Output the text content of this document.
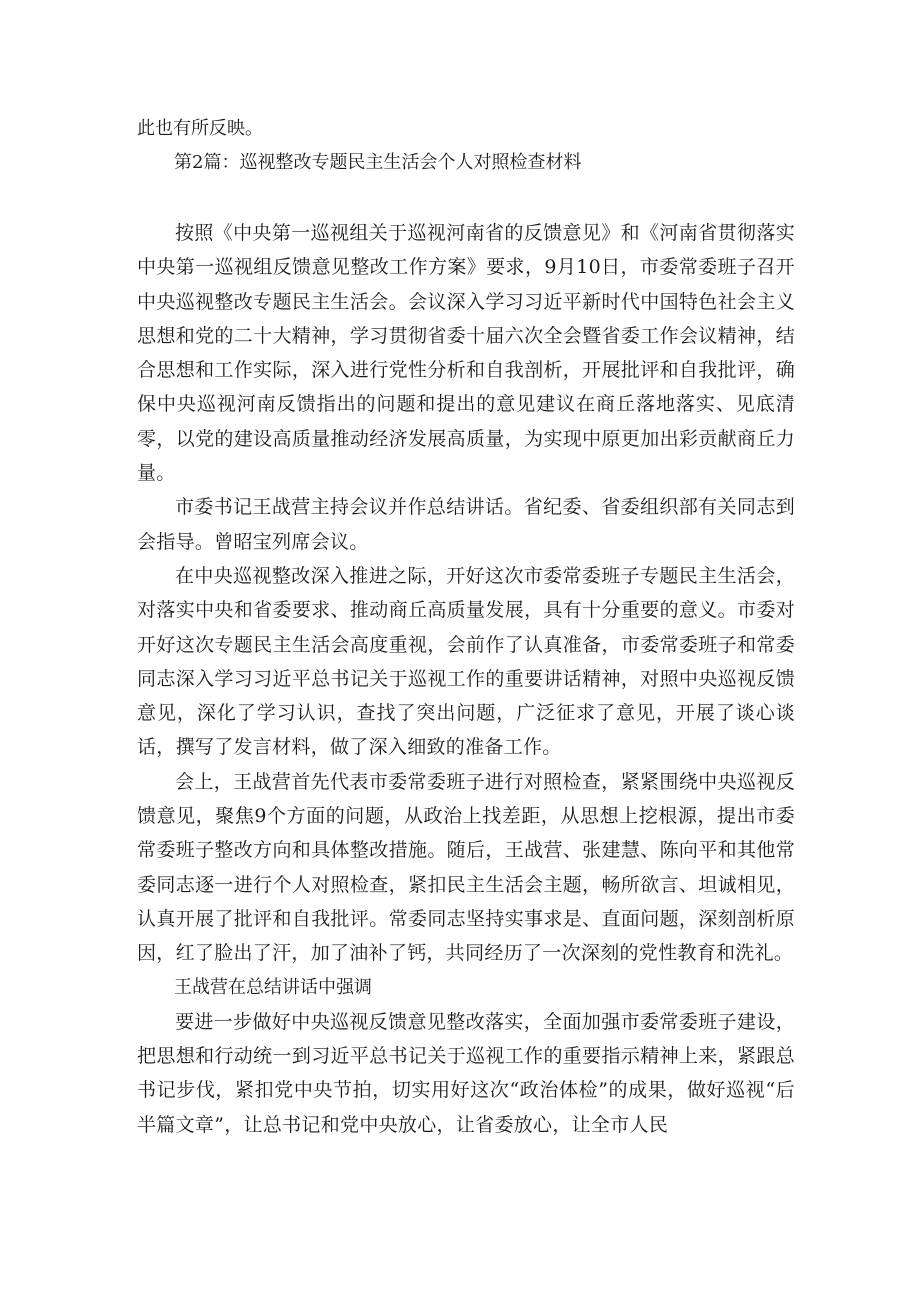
此也有所反映。

第2篇：巡视整改专题民主生活会个人对照检查材料

按照《中央第一巡视组关于巡视河南省的反馈意见》和《河南省贯彻落实中央第一巡视组反馈意见整改工作方案》要求，9月10日，市委常委班子召开中央巡视整改专题民主生活会。会议深入学习习近平新时代中国特色社会主义思想和党的二十大精神，学习贯彻省委十届六次全会暨省委工作会议精神，结合思想和工作实际，深入进行党性分析和自我剖析，开展批评和自我批评，确保中央巡视河南反馈指出的问题和提出的意见建议在商丘落地落实、见底清零，以党的建设高质量推动经济发展高质量，为实现中原更加出彩贡献商丘力量。

市委书记王战营主持会议并作总结讲话。省纪委、省委组织部有关同志到会指导。曾昭宝列席会议。

在中央巡视整改深入推进之际，开好这次市委常委班子专题民主生活会，对落实中央和省委要求、推动商丘高质量发展，具有十分重要的意义。市委对开好这次专题民主生活会高度重视，会前作了认真准备，市委常委班子和常委同志深入学习习近平总书记关于巡视工作的重要讲话精神，对照中央巡视反馈意见，深化了学习认识，查找了突出问题，广泛征求了意见，开展了谈心谈话，撰写了发言材料，做了深入细致的准备工作。

会上，王战营首先代表市委常委班子进行对照检查，紧紧围绕中央巡视反馈意见，聚焦9个方面的问题，从政治上找差距，从思想上挖根源，提出市委常委班子整改方向和具体整改措施。随后，王战营、张建慧、陈向平和其他常委同志逐一进行个人对照检查，紧扣民主生活会主题，畅所欲言、坦诚相见，认真开展了批评和自我批评。常委同志坚持实事求是、直面问题，深刻剖析原因，红了脸出了汗，加了油补了钙，共同经历了一次深刻的党性教育和洗礼。

王战营在总结讲话中强调

要进一步做好中央巡视反馈意见整改落实，全面加强市委常委班子建设，把思想和行动统一到习近平总书记关于巡视工作的重要指示精神上来，紧跟总书记步伐，紧扣党中央节拍，切实用好这次“政治体检”的成果，做好巡视“后半篇文章”，让总书记和党中央放心，让省委放心，让全市人民
